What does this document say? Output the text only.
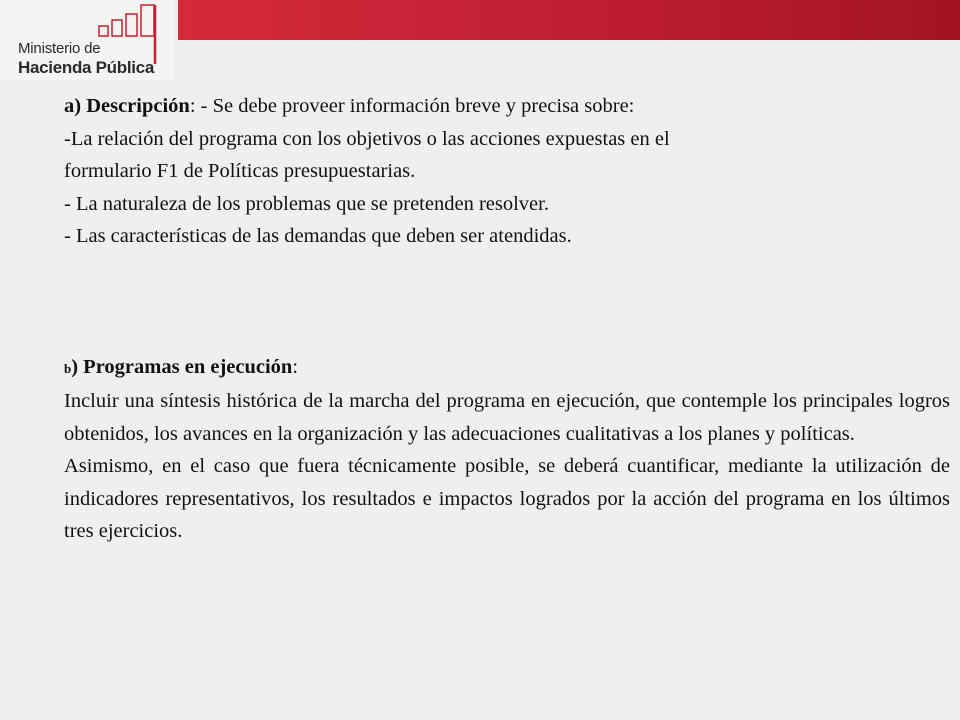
Ministerio de
Hacienda Pública

a) Descripción: - Se debe proveer información breve y precisa sobre:

-La relación del programa con los objetivos o las acciones expuestas en el

formulario F1 de Políticas presupuestarias.

- La naturaleza de los problemas que se pretenden resolver.

- Las características de las demandas que deben ser atendidas.

b) Programas en ejecución:

Incluir una síntesis histórica de la marcha del programa en ejecución, que contemple los principales logros obtenidos, los avances en la organización y las adecuaciones cualitativas a los planes y políticas.

Asimismo, en el caso que fuera técnicamente posible, se deberá cuantificar, mediante la utilización de indicadores representativos, los resultados e impactos logrados por la acción del programa en los últimos tres ejercicios.
